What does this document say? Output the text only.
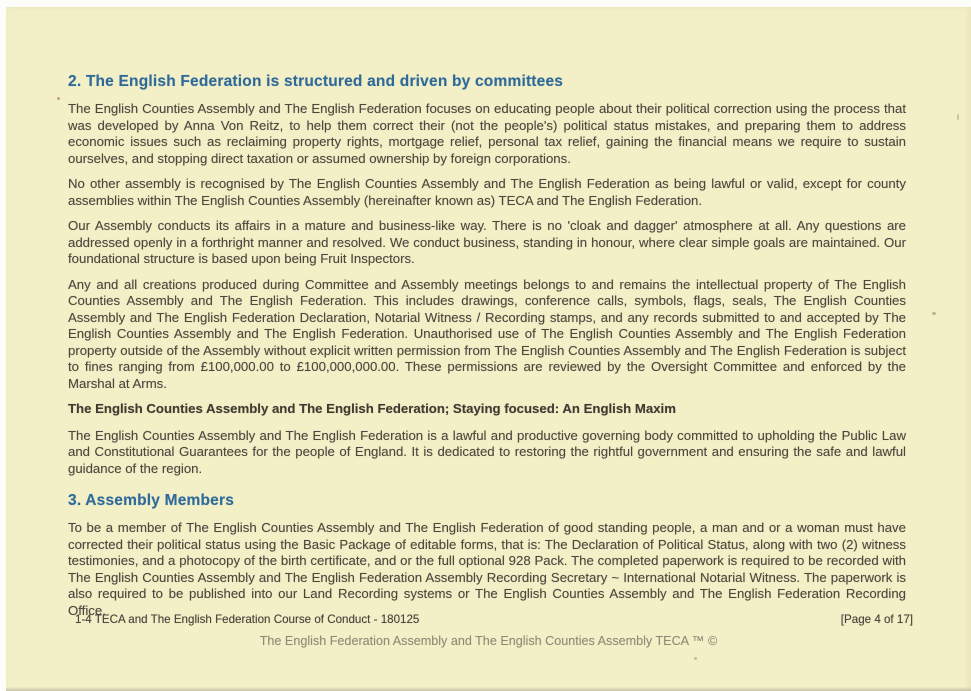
2. The English Federation is structured and driven by committees

The English Counties Assembly and The English Federation focuses on educating people about their political correction using the process that was developed by Anna Von Reitz, to help them correct their (not the people's) political status mistakes, and preparing them to address economic issues such as reclaiming property rights, mortgage relief, personal tax relief, gaining the financial means we require to sustain ourselves, and stopping direct taxation or assumed ownership by foreign corporations.

No other assembly is recognised by The English Counties Assembly and The English Federation as being lawful or valid, except for county assemblies within The English Counties Assembly (hereinafter known as) TECA and The English Federation.

Our Assembly conducts its affairs in a mature and business-like way. There is no 'cloak and dagger' atmosphere at all. Any questions are addressed openly in a forthright manner and resolved. We conduct business, standing in honour, where clear simple goals are maintained. Our foundational structure is based upon being Fruit Inspectors.

Any and all creations produced during Committee and Assembly meetings belongs to and remains the intellectual property of The English Counties Assembly and The English Federation. This includes drawings, conference calls, symbols, flags, seals, The English Counties Assembly and The English Federation Declaration, Notarial Witness / Recording stamps, and any records submitted to and accepted by The English Counties Assembly and The English Federation. Unauthorised use of The English Counties Assembly and The English Federation property outside of the Assembly without explicit written permission from The English Counties Assembly and The English Federation is subject to fines ranging from £100,000.00 to £100,000,000.00. These permissions are reviewed by the Oversight Committee and enforced by the Marshal at Arms.

The English Counties Assembly and The English Federation; Staying focused: An English Maxim

The English Counties Assembly and The English Federation is a lawful and productive governing body committed to upholding the Public Law and Constitutional Guarantees for the people of England. It is dedicated to restoring the rightful government and ensuring the safe and lawful guidance of the region.

3. Assembly Members

To be a member of The English Counties Assembly and The English Federation of good standing people, a man and or a woman must have corrected their political status using the Basic Package of editable forms, that is: The Declaration of Political Status, along with two (2) witness testimonies, and a photocopy of the birth certificate, and or the full optional 928 Pack. The completed paperwork is required to be recorded with The English Counties Assembly and The English Federation Assembly Recording Secretary ~ International Notarial Witness. The paperwork is also required to be published into our Land Recording systems or The English Counties Assembly and The English Federation Recording Office.

1-4 TECA and The English Federation Course of Conduct - 180125	[Page 4 of 17]
The English Federation Assembly and The English Counties Assembly TECA ™ ©
